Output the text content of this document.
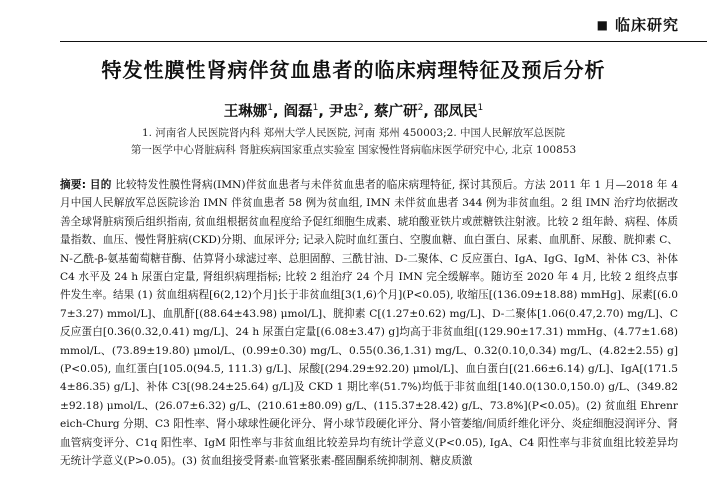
■ 临床研究
特发性膜性肾病伴贫血患者的临床病理特征及预后分析
王琳娜$^1$, 阎磊$^1$, 尹忠$^2$, 蔡广研$^2$, 邵凤民$^1$
1. 河南省人民医院肾内科 郑州大学人民医院, 河南 郑州 450003;2. 中国人民解放军总医院
第一医学中心肾脏病科 肾脏疾病国家重点实验室 国家慢性肾病临床医学研究中心, 北京 100853
摘要: 目的 比较特发性膜性肾病(IMN)伴贫血患者与未伴贫血患者的临床病理特征, 探讨其预后。方法 2011 年 1 月—2018 年 4 月中国人民解放军总医院诊治 IMN 伴贫血患者 58 例为贫血组, IMN 未伴贫血患者 344 例为非贫血组。2 组 IMN 治疗均依据改善全球肾脏病预后组织指南, 贫血组根据贫血程度给予促红细胞生成素、琥珀酸亚铁片或蔗糖铁注射液。比较 2 组年龄、病程、体质量指数、血压、慢性肾脏病(CKD)分期、血尿评分; 记录入院时血红蛋白、空腹血糖、血白蛋白、尿素、血肌酐、尿酸、胱抑素 C、N-乙酰-β-氨基葡萄糖苷酶、估算肾小球滤过率、总胆固醇、三酰甘油、D-二聚体、C 反应蛋白、IgA、IgG、IgM、补体 C3、补体 C4 水平及 24 h 尿蛋白定量, 肾组织病理指标; 比较 2 组治疗 24 个月 IMN 完全缓解率。随访至 2020 年 4 月, 比较 2 组终点事件发生率。结果 (1) 贫血组病程[6(2,12)个月]长于非贫血组[3(1,6)个月](P<0.05), 收缩压[(136.09±18.88) mmHg]、尿素[(6.07±3.27) mmol/L]、血肌酐[(88.64±43.98) μmol/L]、胱抑素 C[(1.27±0.62) mg/L]、D-二聚体[1.06(0.47,2.70) mg/L]、C 反应蛋白[0.36(0.32,0.41) mg/L]、24 h 尿蛋白定量[(6.08±3.47) g]均高于非贫血组[(129.90±17.31) mmHg、(4.77±1.68) mmol/L、(73.89±19.80) μmol/L、(0.99±0.30) mg/L、0.55(0.36,1.31) mg/L、0.32(0.10,0.34) mg/L、(4.82±2.55) g](P<0.05), 血红蛋白[105.0(94.5, 111.3) g/L]、尿酸[(294.29±92.20) μmol/L]、血白蛋白[(21.66±6.14) g/L]、IgA[(171.54±86.35) g/L]、补体 C3[(98.24±25.64) g/L]及 CKD 1 期比率(51.7%)均低于非贫血组[140.0(130.0,150.0) g/L、(349.82±92.18) μmol/L、(26.07±6.32) g/L、(210.61±80.09) g/L、(115.37±28.42) g/L、73.8%](P<0.05)。(2) 贫血组 Ehrenreich-Churg 分期、C3 阳性率、肾小球球性硬化评分、肾小球节段硬化评分、肾小管萎缩/间质纤维化评分、炎症细胞浸润评分、肾血管病变评分、C1q 阳性率、IgM 阳性率与非贫血组比较差异均有统计学意义(P<0.05), IgA、C4 阳性率与非贫血组比较差异均无统计学意义(P>0.05)。(3) 贫血组接受肾素-血管紧张素-醛固酮系统抑制剂、糖皮质激
